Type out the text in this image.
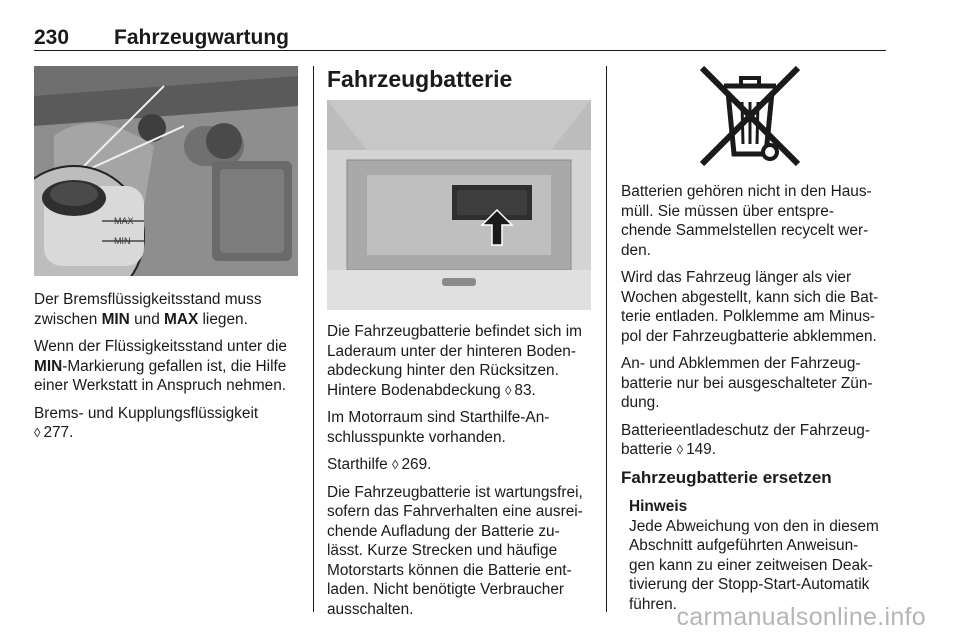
230 Fahrzeugwartung
MAX
MIN

Der Bremsflüssigkeitsstand muss
zwischen MIN und MAX liegen.

Wenn der Flüssigkeitsstand unter die
MIN-Markierung gefallen ist, die Hilfe
einer Werkstatt in Anspruch nehmen.

Brems- und Kupplungsflüssigkeit
◊ 277.

Fahrzeugbatterie

Die Fahrzeugbatterie befindet sich im
Laderaum unter der hinteren Boden-
abdeckung hinter den Rücksitzen.
Hintere Bodenabdeckung ◊ 83.

Im Motorraum sind Starthilfe-An-
schlusspunkte vorhanden.

Starthilfe ◊ 269.

Die Fahrzeugbatterie ist wartungsfrei,
sofern das Fahrverhalten eine ausrei-
chende Aufladung der Batterie zu-
lässt. Kurze Strecken und häufige
Motorstarts können die Batterie ent-
laden. Nicht benötigte Verbraucher
ausschalten.

Batterien gehören nicht in den Haus-
müll. Sie müssen über entspre-
chende Sammelstellen recycelt wer-
den.

Wird das Fahrzeug länger als vier
Wochen abgestellt, kann sich die Bat-
terie entladen. Polklemme am Minus-
pol der Fahrzeugbatterie abklemmen.

An- und Abklemmen der Fahrzeug-
batterie nur bei ausgeschalteter Zün-
dung.

Batterieentladeschutz der Fahrzeug-
batterie ◊ 149.

Fahrzeugbatterie ersetzen
Hinweis
Jede Abweichung von den in diesem
Abschnitt aufgeführten Anweisun-
gen kann zu einer zeitweisen Deak-
tivierung der Stopp-Start-Automatik
führen. carmanualsonline.info
